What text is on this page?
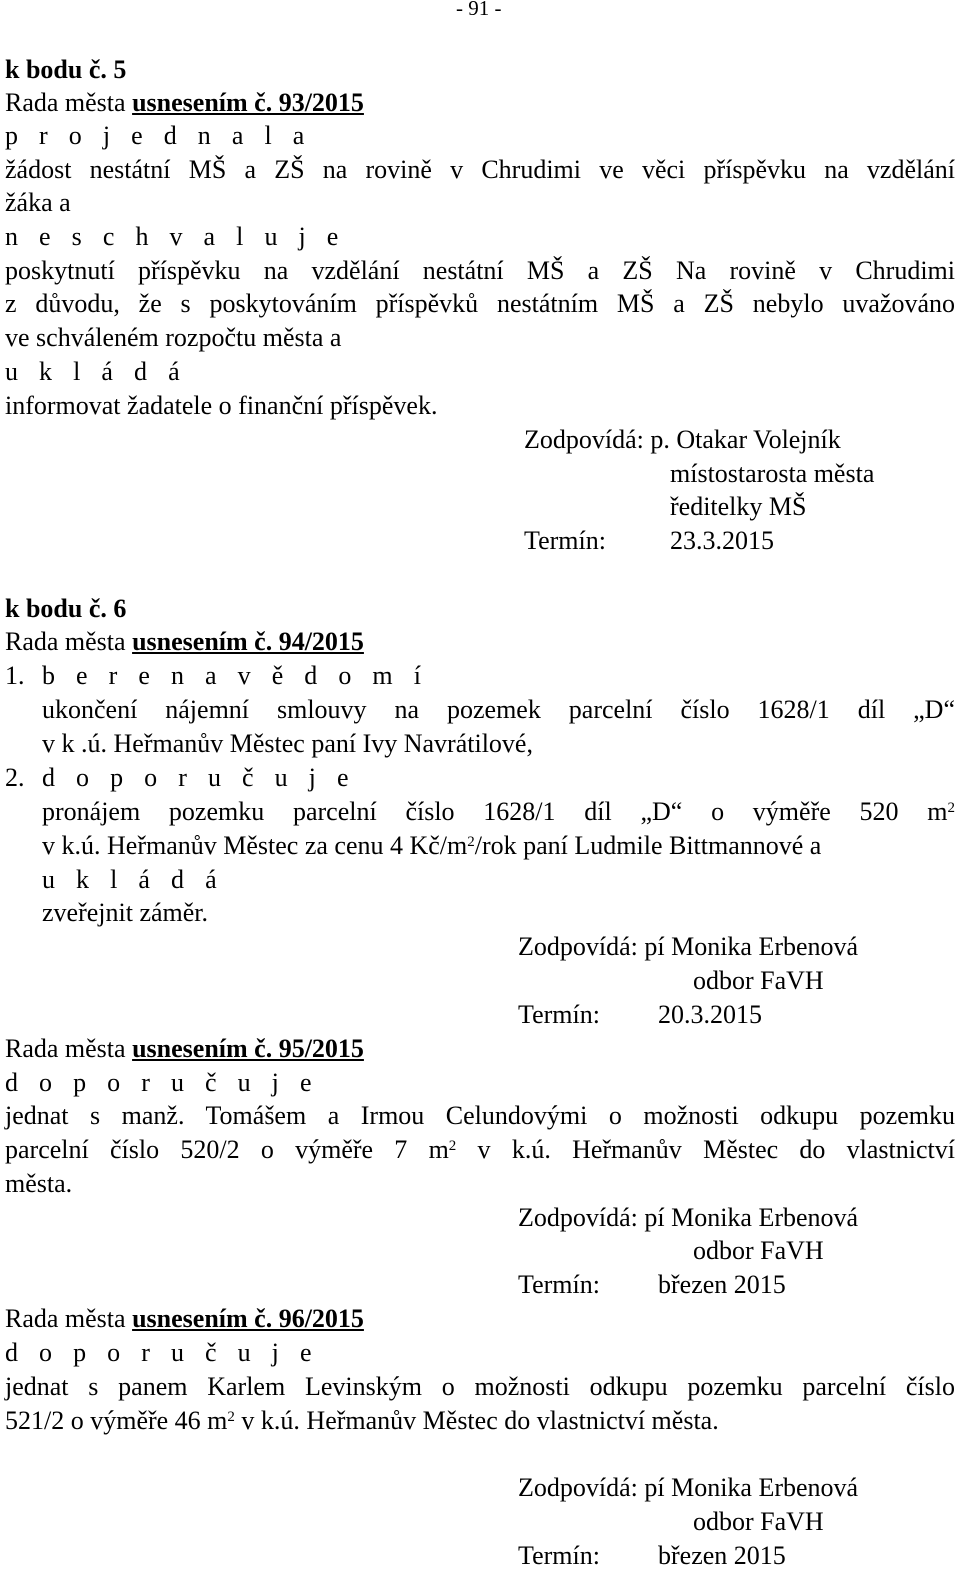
- 91 -
k bodu č. 5
Rada města usnesením č. 93/2015
p r o j e d n a l a
žádost nestátní MŠ a ZŠ na rovině v Chrudimi ve věci příspěvku na vzdělání
žáka a
n e s c h v a l u j e
poskytnutí příspěvku na vzdělání nestátní MŠ a ZŠ Na rovině v Chrudimi
z důvodu, že s poskytováním příspěvků nestátním MŠ a ZŠ nebylo uvažováno
ve schváleném rozpočtu města a
u k l á d á
informovat žadatele o finanční příspěvek.
Zodpovídá: p. Otakar Volejník
místostarosta města
ředitelky MŠ
Termín: 23.3.2015
k bodu č. 6
Rada města usnesením č. 94/2015
1. b e r e n a v ě d o m í
ukončení nájemní smlouvy na pozemek parcelní číslo 1628/1 díl „D“
v k .ú. Heřmanův Městec paní Ivy Navrátilové,
2. d o p o r u č u j e
pronájem pozemku parcelní číslo 1628/1 díl „D“ o výměře 520 $m^2$
v k.ú. Heřmanův Městec za cenu 4 $Kč/m^2$/rok paní Ludmile Bittmannové a
u k l á d á
zveřejnit záměr.
Zodpovídá: pí Monika Erbenová
odbor FaVH
Termín: 20.3.2015
Rada města usnesením č. 95/2015
d o p o r u č u j e
jednat s manž. Tomášem a Irmou Celundovými o možnosti odkupu pozemku
parcelní číslo 520/2 o výměře 7 $m^2$ v k.ú. Heřmanův Městec do vlastnictví
města.
Zodpovídá: pí Monika Erbenová
odbor FaVH
Termín: březen 2015
Rada města usnesením č. 96/2015
d o p o r u č u j e
jednat s panem Karlem Levinským o možnosti odkupu pozemku parcelní číslo
521/2 o výměře 46 $m^2$ v k.ú. Heřmanův Městec do vlastnictví města.
Zodpovídá: pí Monika Erbenová
odbor FaVH
Termín: březen 2015
